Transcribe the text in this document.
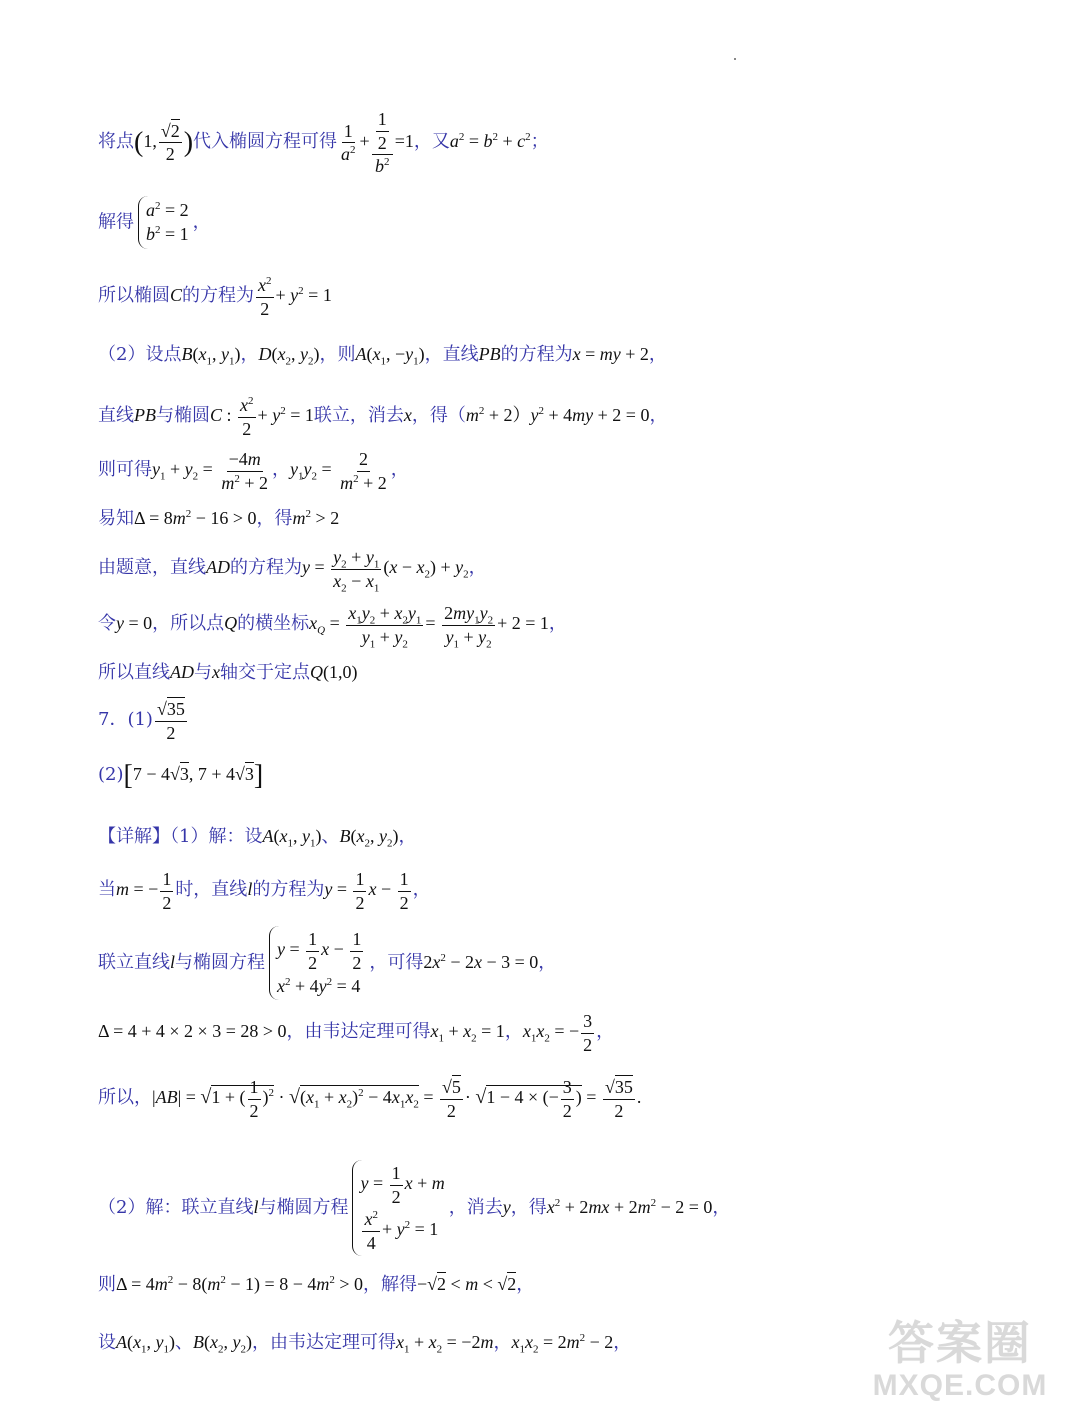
将点(1, $\frac{√2}{2}$ )代入椭圆方程可得 $\frac{1}{a^2} + \frac{\frac{1}{2}}{b^2} =1$，又$a^2 = b^2 + c^2$；
解得
$a^2 = 2$
$b^2 = 1$
，
所以椭圆C的方程为 $\frac{x^2}{2} + y^2 = 1$
（2）设点$B(x_1$, $y_1$)，$D(x_2$, $y_2$)，则$A(x_1$, $-y_1$)，直线PB的方程为x = my + 2，
直线PB与椭圆C : $\frac{x^2}{2} + y^2 = 1$联立，消去x，得$(m^2 + 2)y^2 + 4my + 2 = 0$，
则可得$y_1 + y_2 = \frac{-4m}{m^2 + 2}$ ，$y_1y_2 = \frac{2}{m^2 + 2}$ ，
易知$\Delta = 8m^2 - 16 > 0$，得$m^2 > 2$
由题意，直线AD的方程为$y = \frac{y_2 + y_1}{x_2 - x_1} (x - x_2) + y_2$，
令y = 0，所以点Q的横坐标$x_Q = \frac{x_1y_2 + x_2y_1}{y_1 + y_2} = \frac{2my_1y_2}{y_1 + y_2} + 2 = 1$，
所以直线AD与x轴交于定点Q(1,0)
7．$(1) \frac{√35}{2}$
(2)[7 − 4√3, 7 + 4√3]
【详解】（1）解：设$A(x_1$, $y_1$)、$B(x_2$, $y_2$)，
当m = − $\frac{1}{2}$ 时，直线l的方程为$y = \frac{1}{2}$ $x - \frac{1}{2}$ ，
联立直线l与椭圆方程
$y = \frac{1}{2}$ $x - \frac{1}{2}$
$x^2 + 4y^2 = 4$
，可得$2x^2 - 2x - 3 = 0$，
Δ = 4 + 4 × 2 × 3 = 28 > 0，由韦达定理可得$x_1 + x_2 = 1$，$x_1x_2$ = − $\frac{3}{2}$ ，
所以，|AB| = √1 + ( $\frac{1}{2} )^2 \cdot √(x_1 + x_2)^2 - 4x_1x_2 = \frac{√5}{2} \cdot √1 - 4$ × (− $\frac{3}{2}$ ) = $\frac{√35}{2}$ .
（2）解：联立直线l与椭圆方程
$y = \frac{1}{2}$ x + m
$\frac{x^2}{4} + y^2 = 1$
，消去y，得$x^2 + 2mx + 2m^2 - 2 = 0$，
则$\Delta = 4m^2 - 8(m^2 - 1) = 8 - 4m^2 > 0$，解得−√2 < m < √2，
设$A(x_1$, $y_1$)、$B(x_2$, $y_2$)，由韦达定理可得$x_1 + x_2 = -2m$，$x_1x_2 = 2m^2 - 2$，	答案圈
MXQE.COM
